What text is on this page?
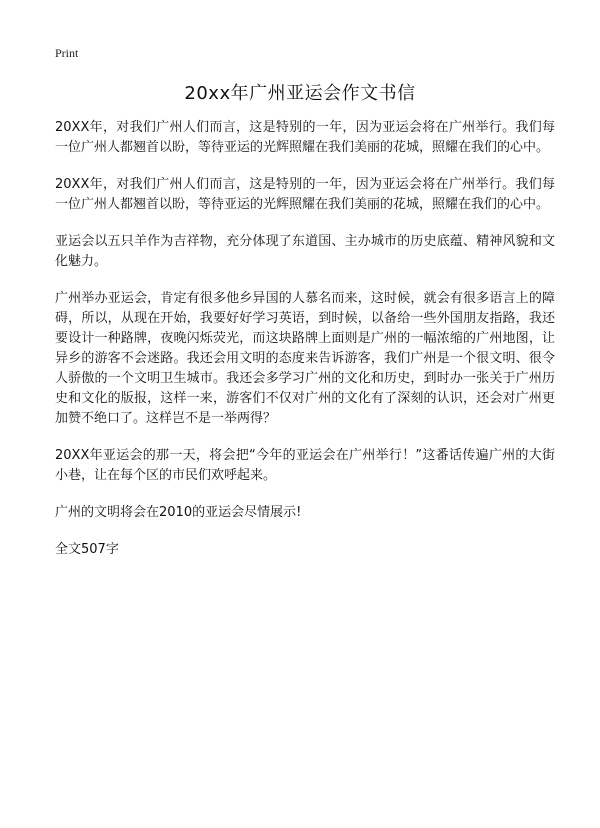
Print
20xx年广州亚运会作文书信

20XX年，对我们广州人们而言，这是特别的一年，因为亚运会将在广州举行。我们每一位广州人都翘首以盼，等待亚运的光辉照耀在我们美丽的花城，照耀在我们的心中。

20XX年，对我们广州人们而言，这是特别的一年，因为亚运会将在广州举行。我们每一位广州人都翘首以盼，等待亚运的光辉照耀在我们美丽的花城，照耀在我们的心中。

亚运会以五只羊作为吉祥物，充分体现了东道国、主办城市的历史底蕴、精神风貌和文化魅力。

广州举办亚运会，肯定有很多他乡异国的人慕名而来，这时候，就会有很多语言上的障碍，所以，从现在开始，我要好好学习英语，到时候，以备给一些外国朋友指路，我还要设计一种路牌，夜晚闪烁荧光，而这块路牌上面则是广州的一幅浓缩的广州地图，让异乡的游客不会迷路。我还会用文明的态度来告诉游客，我们广州是一个很文明、很令人骄傲的一个文明卫生城市。我还会多学习广州的文化和历史，到时办一张关于广州历史和文化的版报，这样一来，游客们不仅对广州的文化有了深刻的认识，还会对广州更加赞不绝口了。这样岂不是一举两得？

20XX年亚运会的那一天，将会把“今年的亚运会在广州举行！”这番话传遍广州的大街小巷，让在每个区的市民们欢呼起来。

广州的文明将会在2010的亚运会尽情展示!

全文507字
